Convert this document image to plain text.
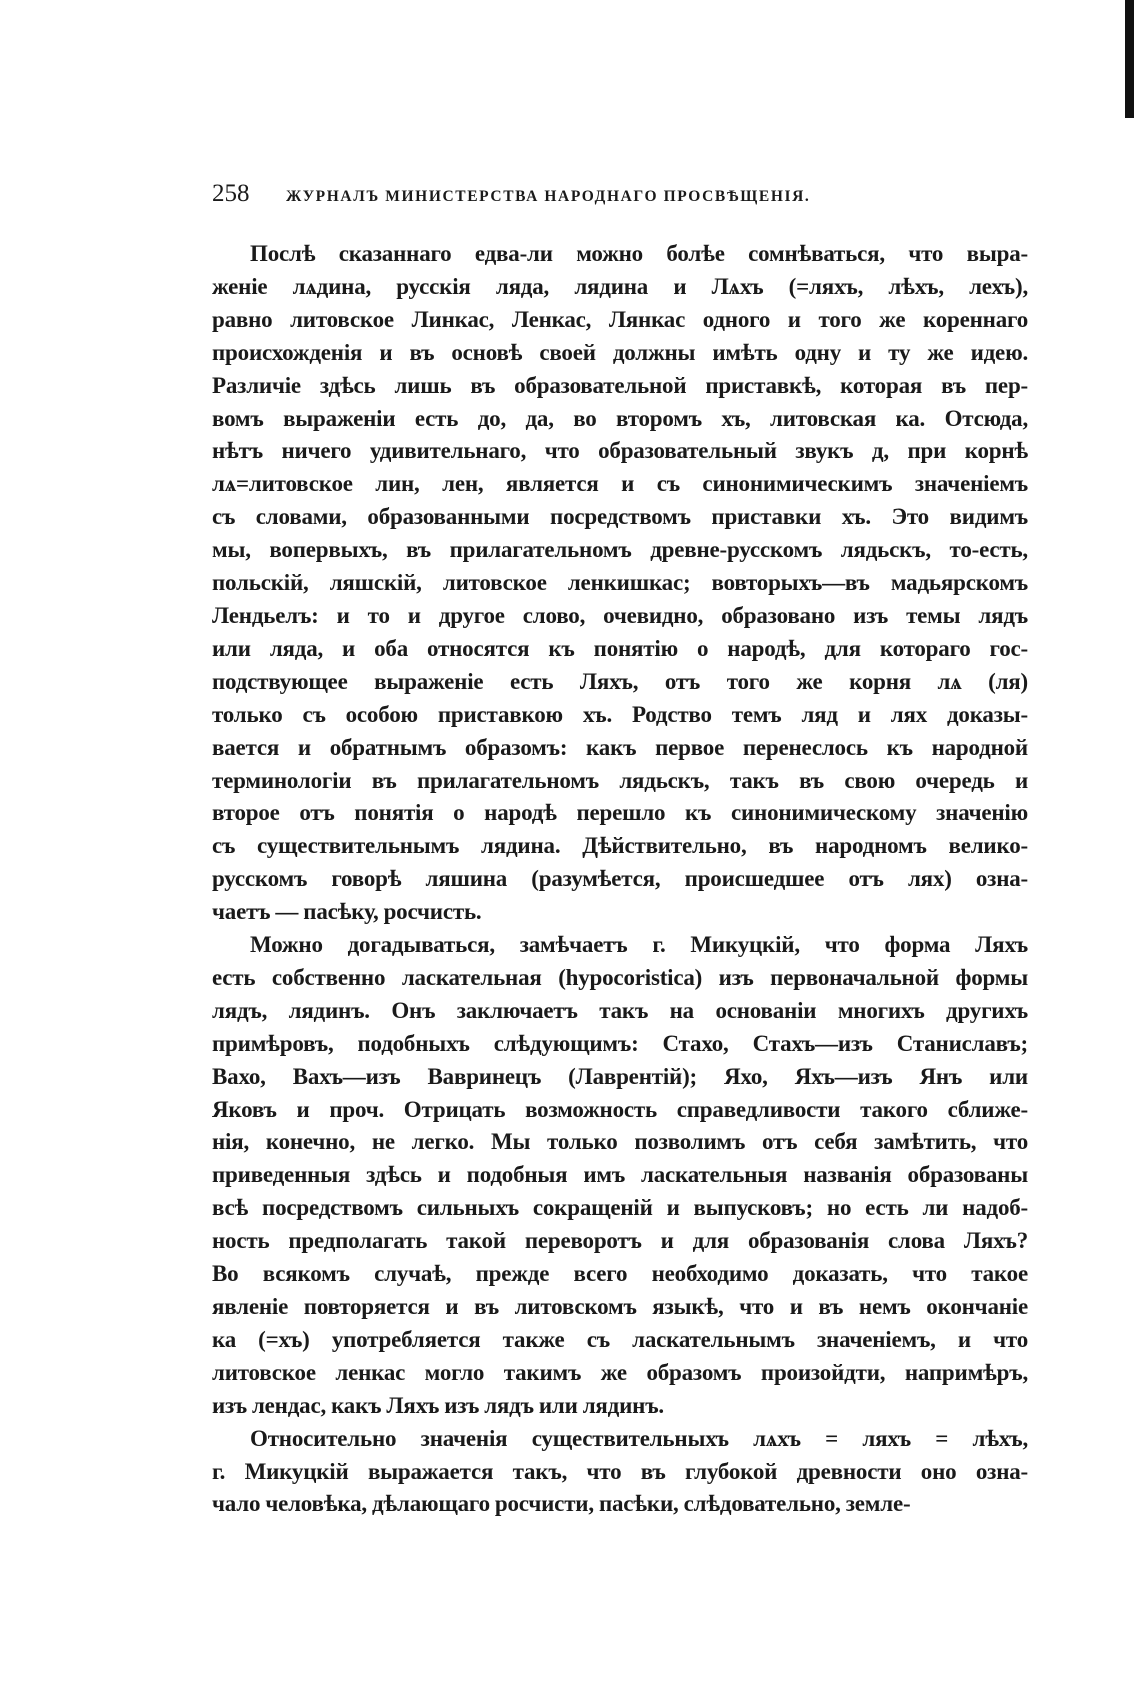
258	ЖУРНАЛЪ МИНИСТЕРСТВА НАРОДНАГО ПРОСВѢЩЕНІЯ.
Послѣ сказаннаго едва-ли можно болѣе сомнѣваться, что выра-
женіе лѧдина, русскія ляда, лядина и Лѧхъ (=ляхъ, лѣхъ, лехъ),
равно литовское Линкас, Ленкас, Лянкас одного и того же кореннаго
происхожденія и въ основѣ своей должны имѣть одну и ту же идею.
Различіе здѣсь лишь въ образовательной приставкѣ, которая въ пер-
вомъ выраженіи есть до, да, во второмъ хъ, литовская ка. Отсюда,
нѣтъ ничего удивительнаго, что образовательный звукъ д, при корнѣ
лѧ=литовское лин, лен, является и съ синонимическимъ значеніемъ
съ словами, образованными посредствомъ приставки хъ. Это видимъ
мы, вопервыхъ, въ прилагательномъ древне-русскомъ лядьскъ, то-есть,
польскій, ляшскій, литовское ленкишкас; вовторыхъ—въ мадьярскомъ
Лендьелъ: и то и другое слово, очевидно, образовано изъ темы лядъ
или ляда, и оба относятся къ понятію о народѣ, для котораго гос-
подствующее выраженіе есть Ляхъ, отъ того же корня лѧ (ля)
только съ особою приставкою хъ. Родство темъ ляд и лях доказы-
вается и обратнымъ образомъ: какъ первое перенеслось къ народной
терминологіи въ прилагательномъ лядьскъ, такъ въ свою очередь и
второе отъ понятія о народѣ перешло къ синонимическому значенію
съ существительнымъ лядина. Дѣйствительно, въ народномъ велико-
русскомъ говорѣ ляшина (разумѣется, происшедшее отъ лях) озна-
чаетъ — пасѣку, росчисть.
Можно догадываться, замѣчаетъ г. Микуцкій, что форма Ляхъ
есть собственно ласкательная (hypocoristica) изъ первоначальной формы
лядъ, лядинъ. Онъ заключаетъ такъ на основаніи многихъ другихъ
примѣровъ, подобныхъ слѣдующимъ: Стахо, Стахъ—изъ Станиславъ;
Вахо, Вахъ—изъ Вавринецъ (Лаврентій); Яхо, Яхъ—изъ Янъ или
Яковъ и проч. Отрицать возможность справедливости такого сближе-
нія, конечно, не легко. Мы только позволимъ отъ себя замѣтить, что
приведенныя здѣсь и подобныя имъ ласкательныя названія образованы
всѣ посредствомъ сильныхъ сокращеній и выпусковъ; но есть ли надоб-
ность предполагать такой переворотъ и для образованія слова Ляхъ?
Во всякомъ случаѣ, прежде всего необходимо доказать, что такое
явленіе повторяется и въ литовскомъ языкѣ, что и въ немъ окончаніе
ка (=хъ) употребляется также съ ласкательнымъ значеніемъ, и что
литовское ленкас могло такимъ же образомъ произойдти, напримѣръ,
изъ лендас, какъ Ляхъ изъ лядъ или лядинъ.
Относительно значенія существительныхъ лѧхъ = ляхъ = лѣхъ,
г. Микуцкій выражается такъ, что въ глубокой древности оно озна-
чало человѣка, дѣлающаго росчисти, пасѣки, слѣдовательно, земле-
